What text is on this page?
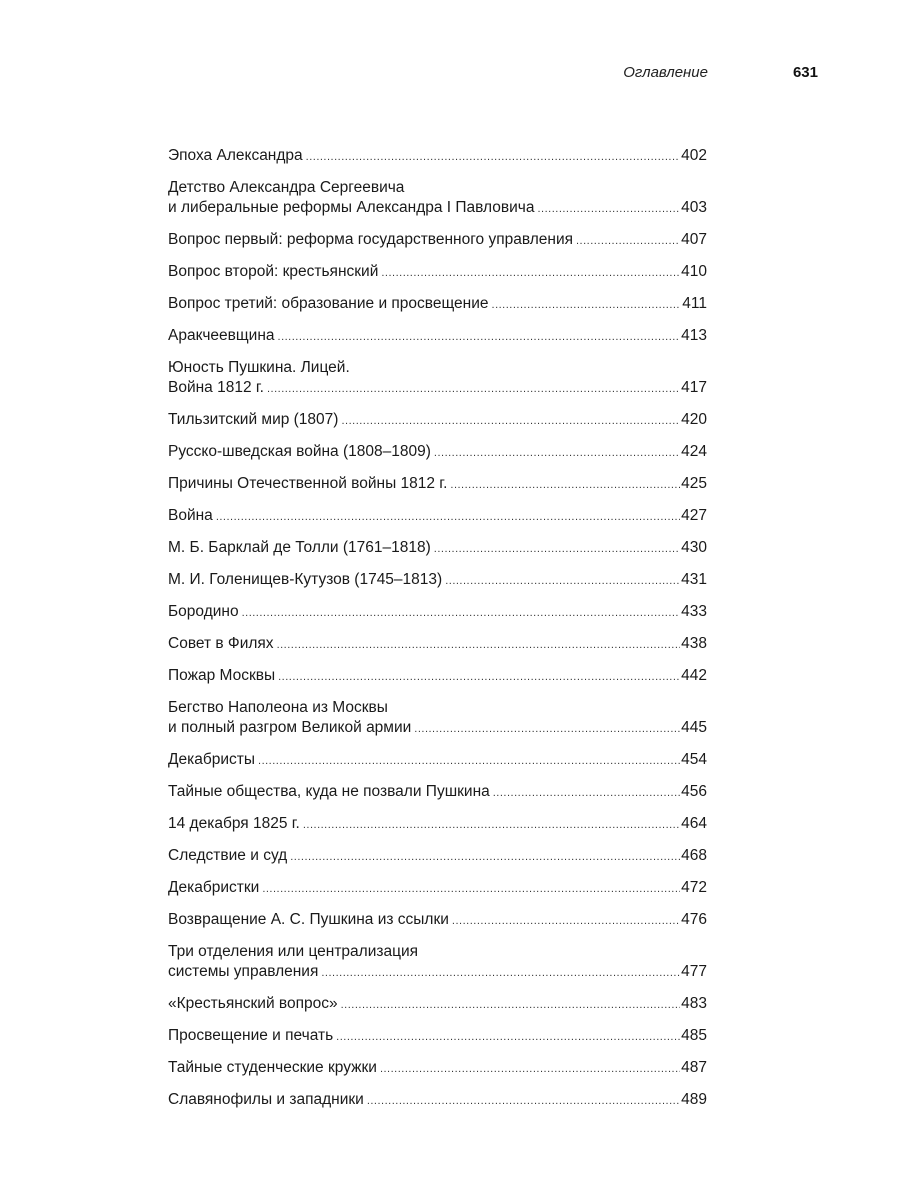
Оглавление	631
Эпоха Александра .....	402
Детство Александра Сергеевича
и либеральные реформы Александра I Павловича .....	403
Вопрос первый: реформа государственного управления .....	407
Вопрос второй: крестьянский .....	410
Вопрос третий: образование и просвещение .....	411
Аракчеевщина .....	413
Юность Пушкина. Лицей.
Война 1812 г. .....	417
Тильзитский мир (1807) .....	420
Русско-шведская война (1808–1809) .....	424
Причины Отечественной войны 1812 г. .....	425
Война .....	427
М. Б. Барклай де Толли (1761–1818) .....	430
М. И. Голенищев-Кутузов (1745–1813) .....	431
Бородино .....	433
Совет в Филях .....	438
Пожар Москвы .....	442
Бегство Наполеона из Москвы
и полный разгром Великой армии .....	445
Декабристы .....	454
Тайные общества, куда не позвали Пушкина .....	456
14 декабря 1825 г. .....	464
Следствие и суд .....	468
Декабристки .....	472
Возвращение А. С. Пушкина из ссылки .....	476
Три отделения или централизация
системы управления .....	477
«Крестьянский вопрос» .....	483
Просвещение и печать .....	485
Тайные студенческие кружки .....	487
Славянофилы и западники .....	489
